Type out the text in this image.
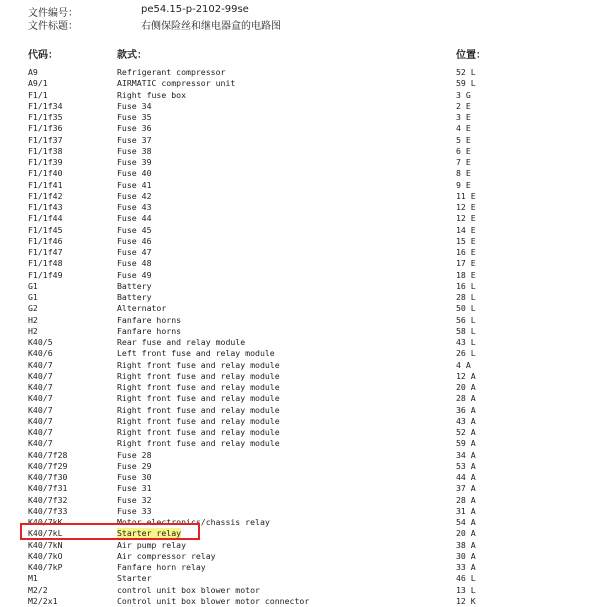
文件编号：	pe54.15-p-2102-99se
文件标题：	右侧保险丝和继电器盒的电路图
代码：	款式：	位置：
A9	Refrigerant compressor	52 L
A9/1	AIRMATIC compressor unit	59 L
F1/1	Right fuse box	3 G
F1/1f34	Fuse 34	2 E
F1/1f35	Fuse 35	3 E
F1/1f36	Fuse 36	4 E
F1/1f37	Fuse 37	5 E
F1/1f38	Fuse 38	6 E
F1/1f39	Fuse 39	7 E
F1/1f40	Fuse 40	8 E
F1/1f41	Fuse 41	9 E
F1/1f42	Fuse 42	11 E
F1/1f43	Fuse 43	12 E
F1/1f44	Fuse 44	12 E
F1/1f45	Fuse 45	14 E
F1/1f46	Fuse 46	15 E
F1/1f47	Fuse 47	16 E
F1/1f48	Fuse 48	17 E
F1/1f49	Fuse 49	18 E
G1	Battery	16 L
G1	Battery	28 L
G2	Alternator	50 L
H2	Fanfare horns	56 L
H2	Fanfare horns	58 L
K40/5	Rear fuse and relay module	43 L
K40/6	Left front fuse and relay module	26 L
K40/7	Right front fuse and relay module	4 A
K40/7	Right front fuse and relay module	12 A
K40/7	Right front fuse and relay module	20 A
K40/7	Right front fuse and relay module	28 A
K40/7	Right front fuse and relay module	36 A
K40/7	Right front fuse and relay module	43 A
K40/7	Right front fuse and relay module	52 A
K40/7	Right front fuse and relay module	59 A
K40/7f28	Fuse 28	34 A
K40/7f29	Fuse 29	53 A
K40/7f30	Fuse 30	44 A
K40/7f31	Fuse 31	37 A
K40/7f32	Fuse 32	28 A
K40/7f33	Fuse 33	31 A
K40/7kK	Motor electronics/chassis relay	54 A
K40/7kL	Starter relay	20 A
K40/7kN	Air pump relay	38 A
K40/7kO	Air compressor relay	30 A
K40/7kP	Fanfare horn relay	33 A
M1	Starter	46 L
M2/2	control unit box blower motor	13 L
M2/2x1	Control unit box blower motor connector	12 K
